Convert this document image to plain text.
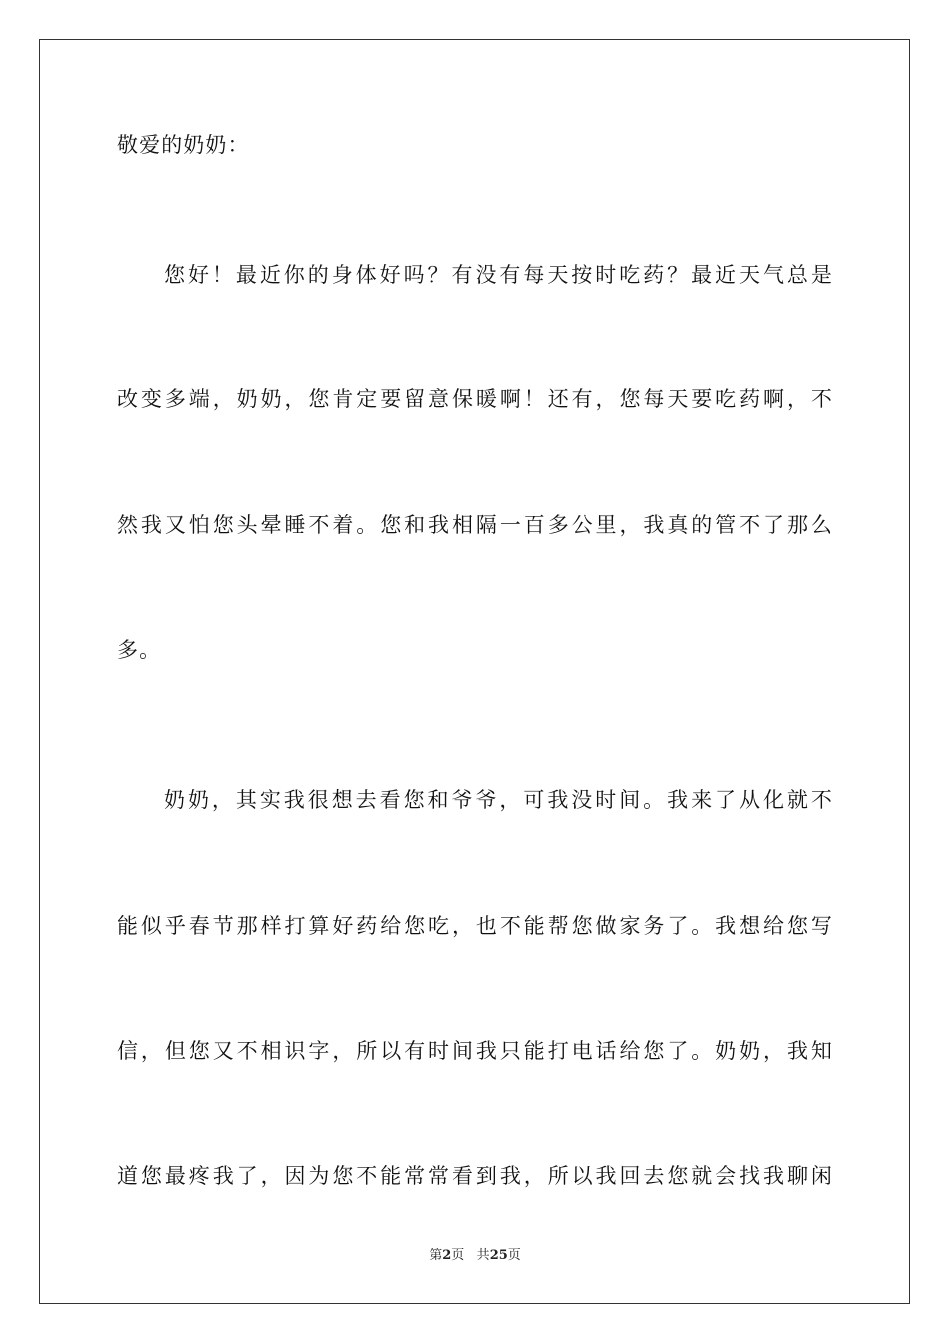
敬爱的奶奶：
您好！最近你的身体好吗？有没有每天按时吃药？最近天气总是
改变多端，奶奶，您肯定要留意保暖啊！还有，您每天要吃药啊，不
然我又怕您头晕睡不着。您和我相隔一百多公里，我真的管不了那么
多。
奶奶，其实我很想去看您和爷爷，可我没时间。我来了从化就不
能似乎春节那样打算好药给您吃，也不能帮您做家务了。我想给您写
信，但您又不相识字，所以有时间我只能打电话给您了。奶奶，我知
道您最疼我了，因为您不能常常看到我，所以我回去您就会找我聊闲
第2页 共25页
